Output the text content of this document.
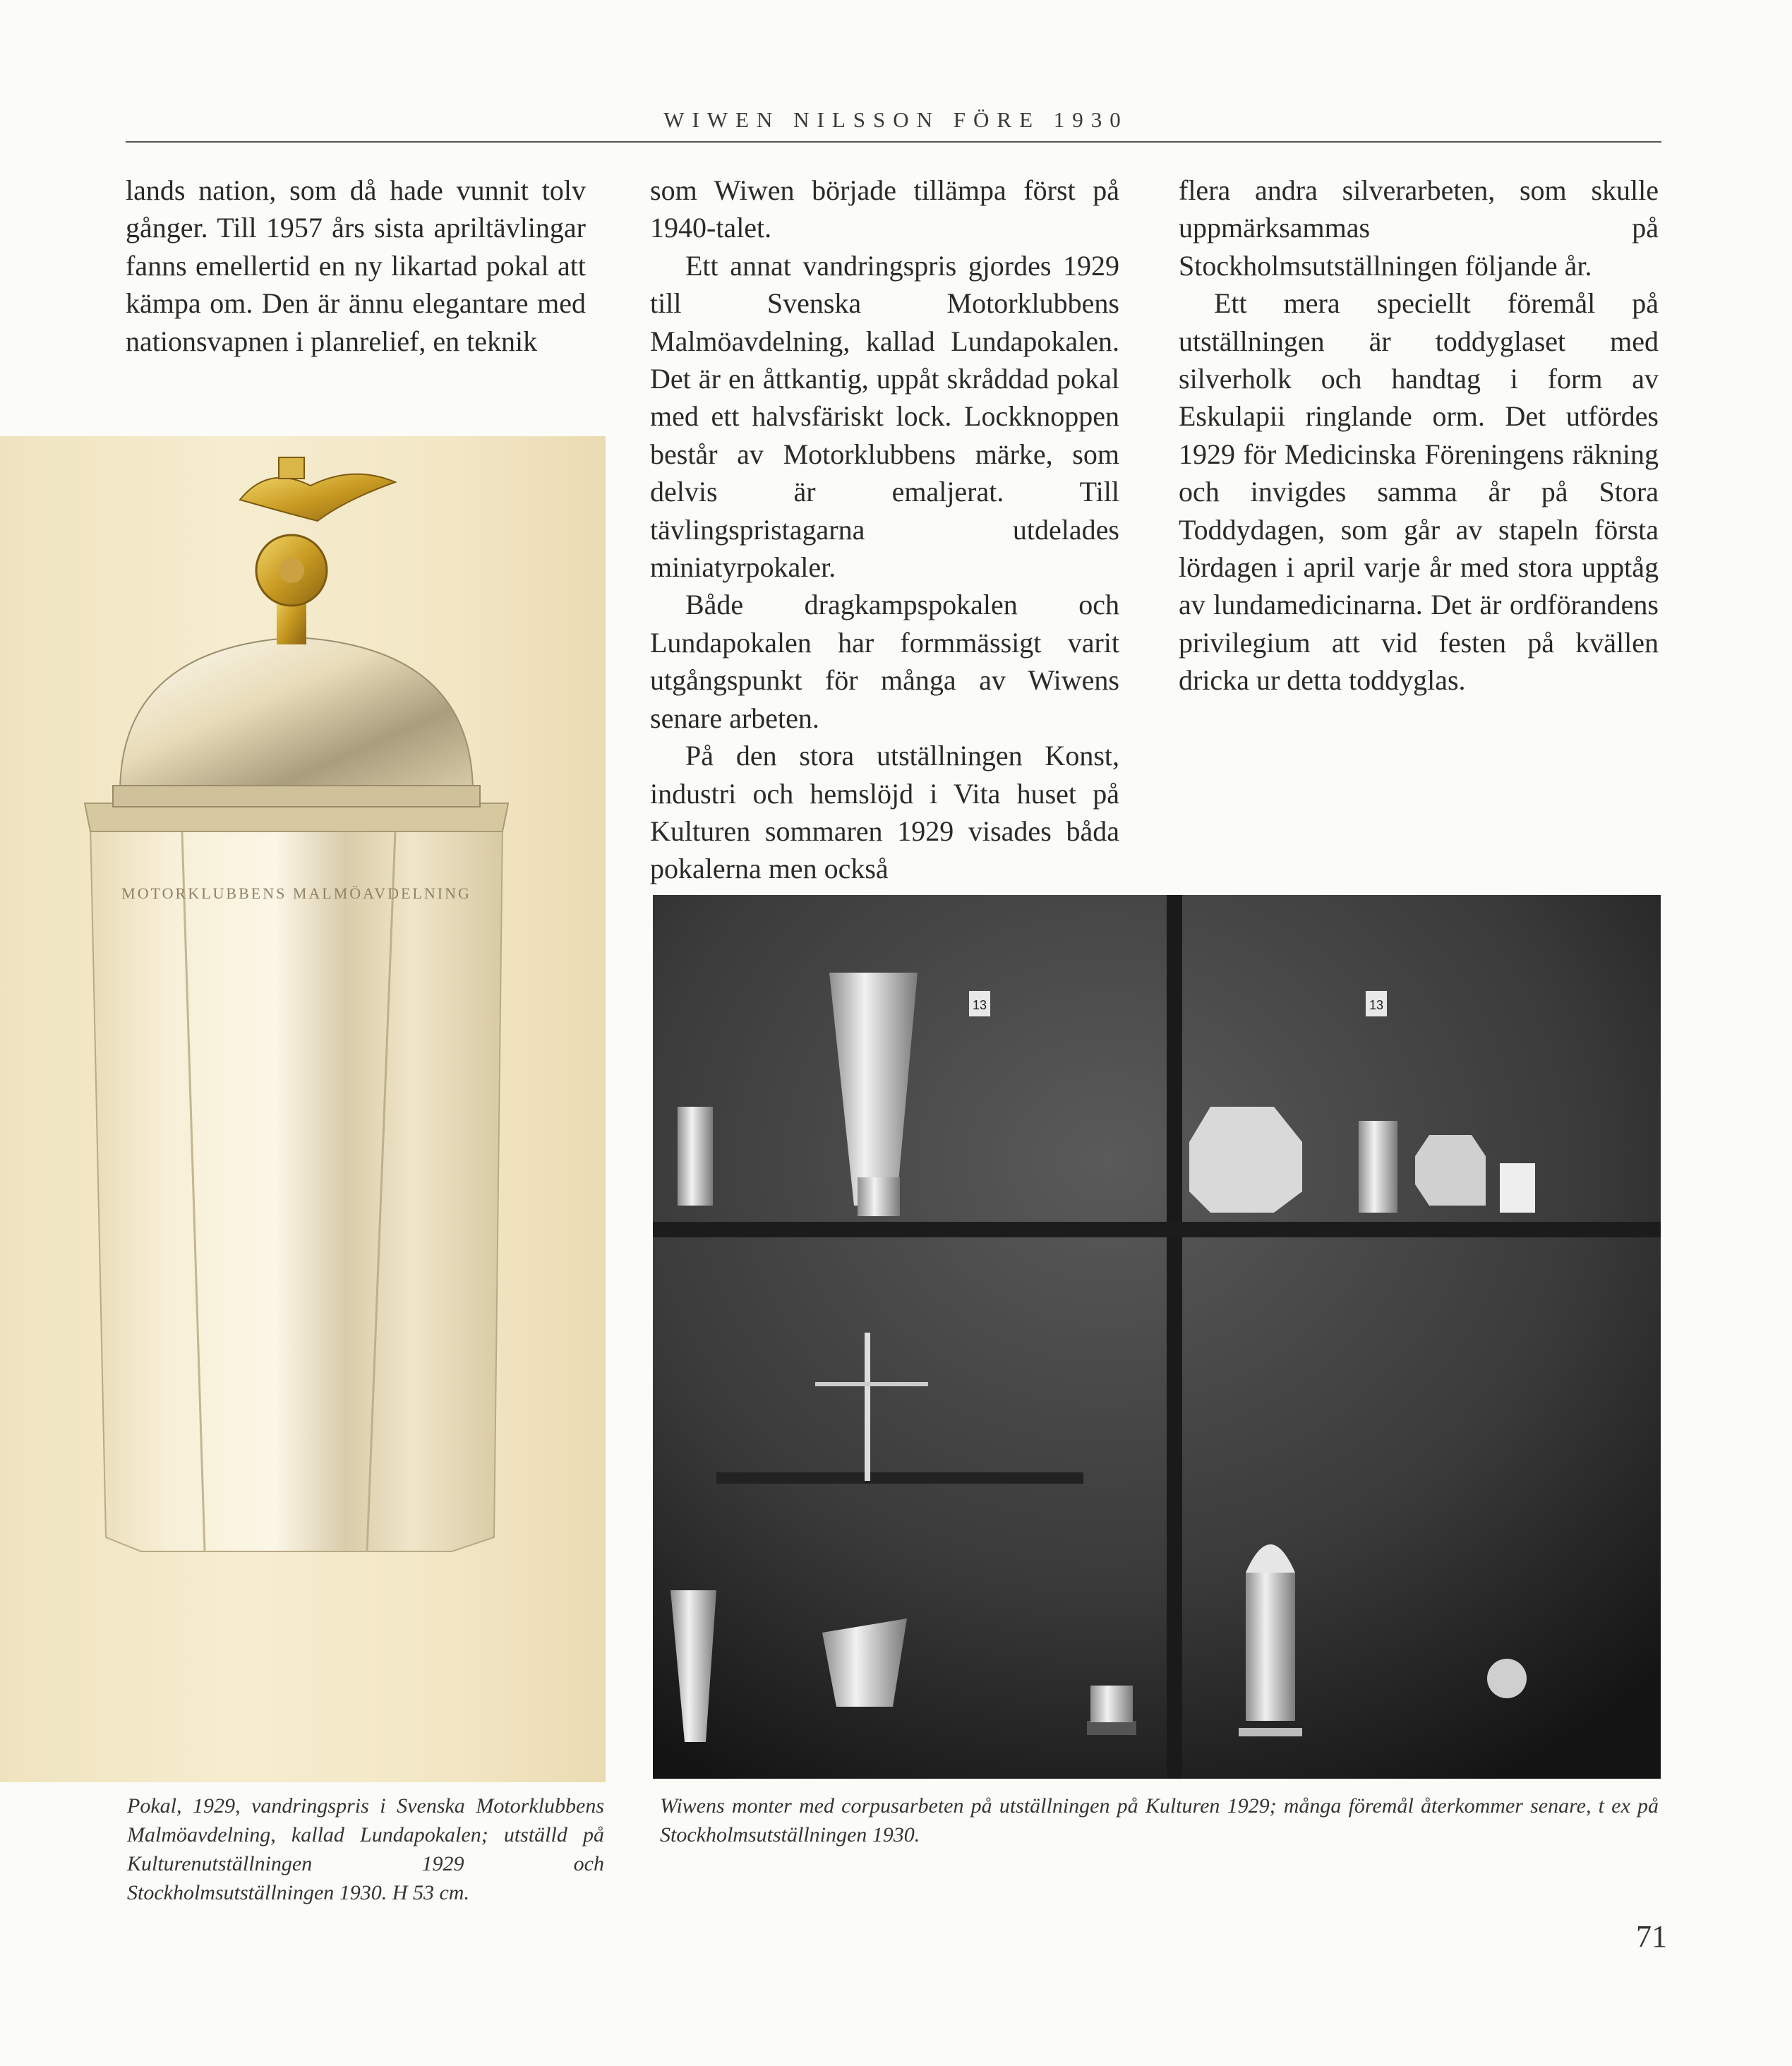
WIWEN NILSSON FÖRE 1930

lands nation, som då hade vunnit tolv gånger. Till 1957 års sista apriltävlingar fanns emellertid en ny likartad pokal att kämpa om. Den är ännu elegantare med nationsvapnen i planrelief, en teknik

som Wiwen började tillämpa först på 1940-talet.

Ett annat vandringspris gjordes 1929 till Svenska Motorklubbens Malmöavdelning, kallad Lundapokalen. Det är en åttkantig, uppåt skråddad pokal med ett halvsfäriskt lock. Lockknoppen består av Motorklubbens märke, som delvis är emaljerat. Till tävlingspristagarna utdelades miniatyrpokaler.

Både dragkampspokalen och Lundapokalen har formmässigt varit utgångspunkt för många av Wiwens senare arbeten.

På den stora utställningen Konst, industri och hemslöjd i Vita huset på Kulturen sommaren 1929 visades båda pokalerna men också

flera andra silverarbeten, som skulle uppmärksammas på Stockholmsutställningen följande år.

Ett mera speciellt föremål på utställningen är toddyglaset med silverholk och handtag i form av Eskulapii ringlande orm. Det utfördes 1929 för Medicinska Föreningens räkning och invigdes samma år på Stora Toddydagen, som går av stapeln första lördagen i april varje år med stora upptåg av lundamedicinarna. Det är ordförandens privilegium att vid festen på kvällen dricka ur detta toddyglas.

MOTORKLUBBENS MALMÖAVDELNING
13	13
Pokal, 1929, vandringspris i Svenska Motorklubbens Malmöavdelning, kallad Lundapokalen; utställd på Kulturenutställningen 1929 och Stockholmsutställningen 1930. H 53 cm.
Wiwens monter med corpusarbeten på utställningen på Kulturen 1929; många föremål återkommer senare, t ex på Stockholmsutställningen 1930.
71
